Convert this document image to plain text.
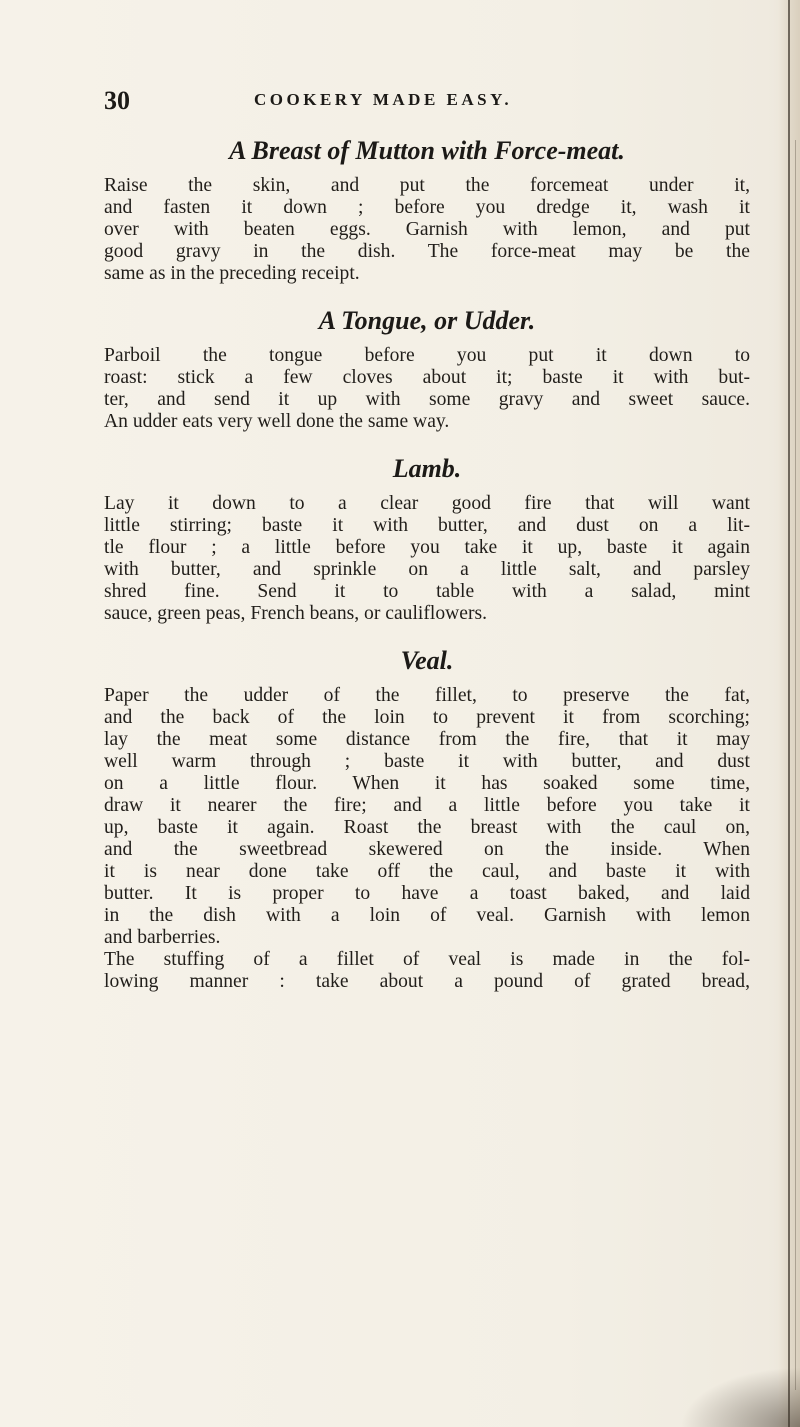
30	COOKERY MADE EASY.
A Breast of Mutton with Force-meat.

Raise the skin, and put the forcemeat under it,
and fasten it down ; before you dredge it, wash it
over with beaten eggs. Garnish with lemon, and put
good gravy in the dish. The force-meat may be the
same as in the preceding receipt.

A Tongue, or Udder.

Parboil the tongue before you put it down to
roast: stick a few cloves about it; baste it with but-
ter, and send it up with some gravy and sweet sauce.
An udder eats very well done the same way.

Lamb.

Lay it down to a clear good fire that will want
little stirring; baste it with butter, and dust on a lit-
tle flour ; a little before you take it up, baste it again
with butter, and sprinkle on a little salt, and parsley
shred fine. Send it to table with a salad, mint
sauce, green peas, French beans, or cauliflowers.

Veal.

Paper the udder of the fillet, to preserve the fat,
and the back of the loin to prevent it from scorching;
lay the meat some distance from the fire, that it may
well warm through ; baste it with butter, and dust
on a little flour. When it has soaked some time,
draw it nearer the fire; and a little before you take it
up, baste it again. Roast the breast with the caul on,
and the sweetbread skewered on the inside. When
it is near done take off the caul, and baste it with
butter. It is proper to have a toast baked, and laid
in the dish with a loin of veal. Garnish with lemon
and barberries.
The stuffing of a fillet of veal is made in the fol-
lowing manner : take about a pound of grated bread,
